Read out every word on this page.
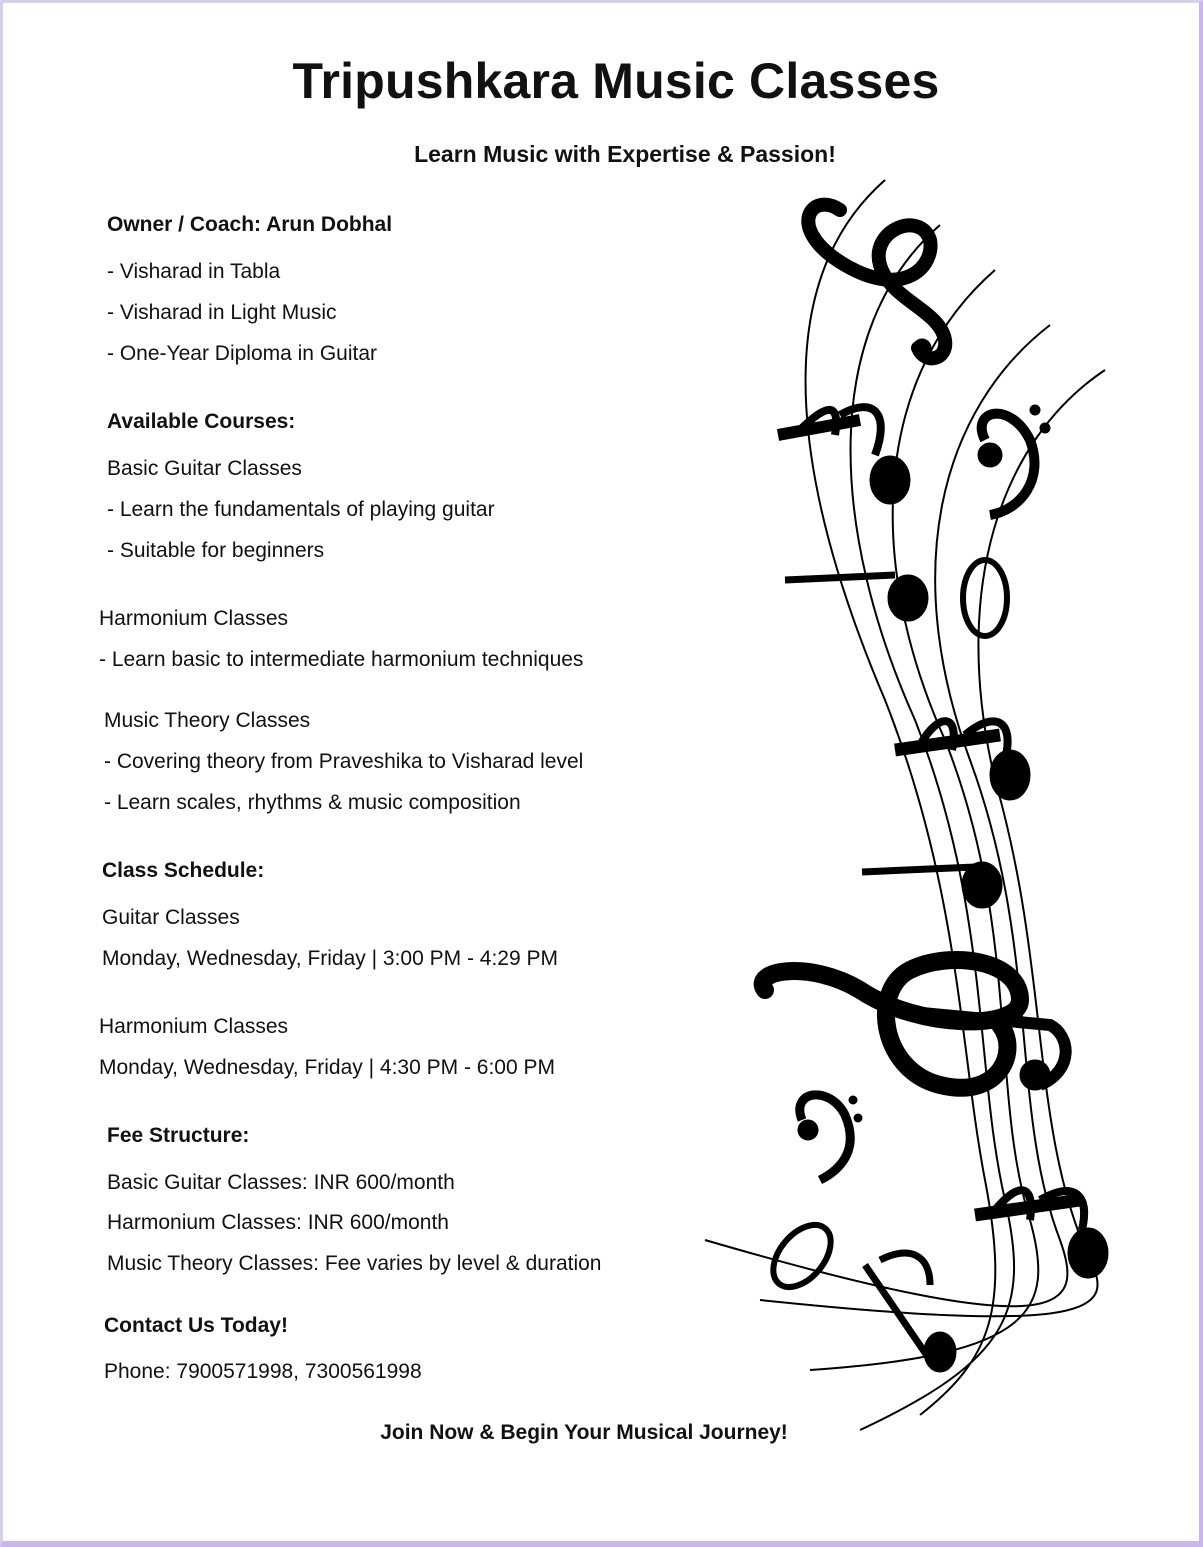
Tripushkara Music Classes
Learn Music with Expertise & Passion!
Owner / Coach: Arun Dobhal
- Visharad in Tabla
- Visharad in Light Music
- One-Year Diploma in Guitar
Available Courses:
Basic Guitar Classes
- Learn the fundamentals of playing guitar
- Suitable for beginners
Harmonium Classes
- Learn basic to intermediate harmonium techniques
Music Theory Classes
- Covering theory from Praveshika to Visharad level
- Learn scales, rhythms & music composition
Class Schedule:
Guitar Classes
Monday, Wednesday, Friday | 3:00 PM - 4:29 PM
Harmonium Classes
Monday, Wednesday, Friday | 4:30 PM - 6:00 PM
Fee Structure:
Basic Guitar Classes: INR 600/month
Harmonium Classes: INR 600/month
Music Theory Classes: Fee varies by level & duration
Contact Us Today!
Phone: 7900571998, 7300561998
Join Now & Begin Your Musical Journey!
